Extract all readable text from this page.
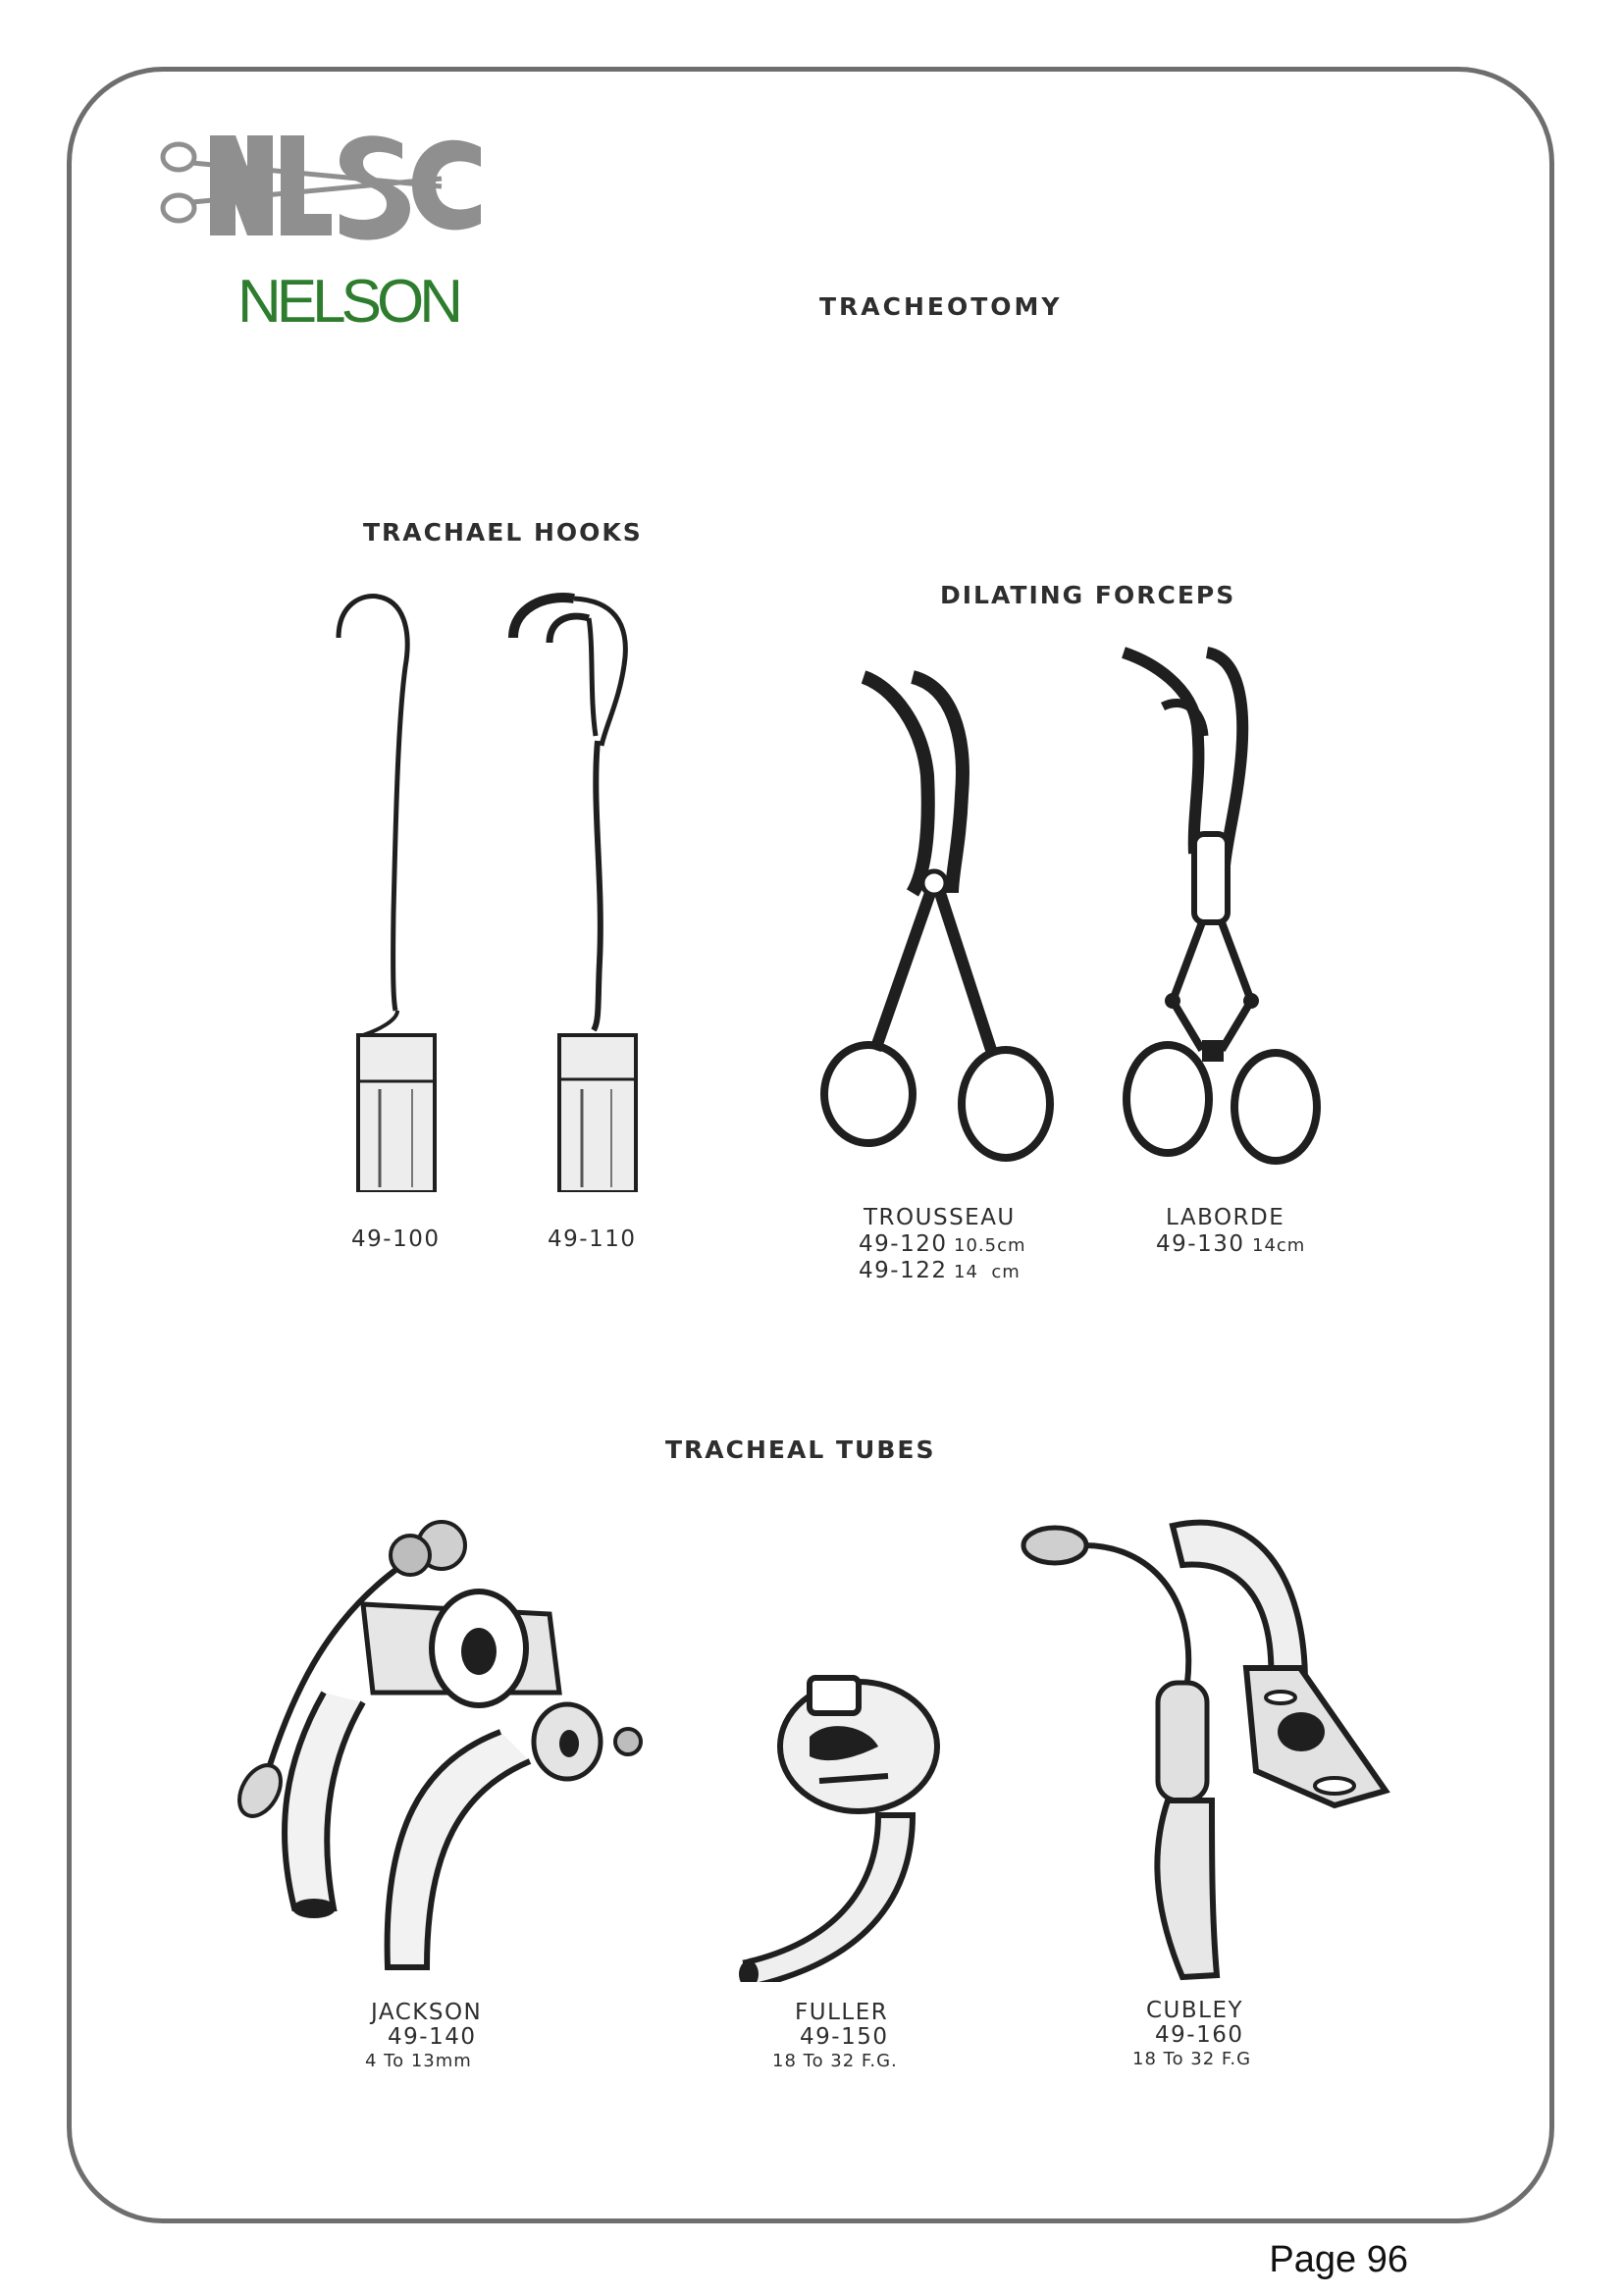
NELSON	TRACHEOTOMY
TRACHAEL HOOKS
49-100	49-110
DILATING FORCEPS
TROUSSEAU
49-120 10.5cm
49-122 14  cm
LABORDE
49-130 14cm
TRACHEAL TUBES
JACKSON
49-140
4 To 13mm
FULLER
49-150
18 To 32 F.G.
CUBLEY
49-160
18 To 32 F.G
Page 96
